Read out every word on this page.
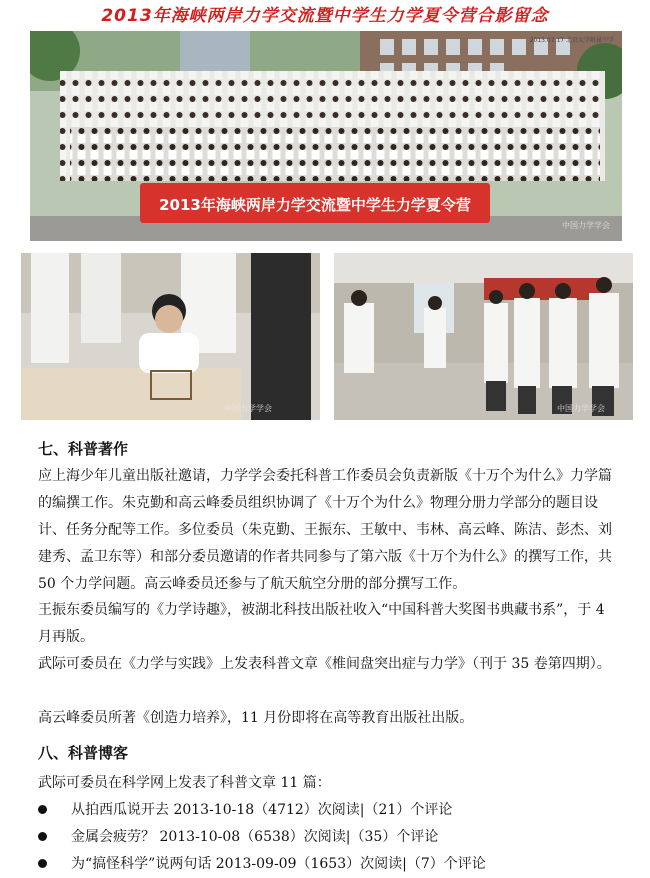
2013年海峡两岸力学交流暨中学生力学夏令营合影留念
2013.07.17 北京大学附属中学
2013年海峡两岸力学交流暨中学生力学夏令营
中国力学学会
中国力学学会	中国力学学会
七、科普著作

应上海少年儿童出版社邀请，力学学会委托科普工作委员会负责新版《十万个为什么》力学篇的编撰工作。朱克勤和高云峰委员组织协调了《十万个为什么》物理分册力学部分的题目设计、任务分配等工作。多位委员（朱克勤、王振东、王敏中、韦林、高云峰、陈洁、彭杰、刘建秀、孟卫东等）和部分委员邀请的作者共同参与了第六版《十万个为什么》的撰写工作，共 50 个力学问题。高云峰委员还参与了航天航空分册的部分撰写工作。

王振东委员编写的《力学诗趣》，被湖北科技出版社收入“中国科普大奖图书典藏书系”，于 4 月再版。

武际可委员在《力学与实践》上发表科普文章《椎间盘突出症与力学》（刊于 35 卷第四期）。

高云峰委员所著《创造力培养》，11 月份即将在高等教育出版社出版。

八、科普博客

武际可委员在科学网上发表了科普文章 11 篇：

从拍西瓜说开去 2013-10-18（4712）次阅读|（21）个评论
金属会疲劳？ 2013-10-08（6538）次阅读|（35）个评论
为“搞怪科学”说两句话 2013-09-09（1653）次阅读|（7）个评论
